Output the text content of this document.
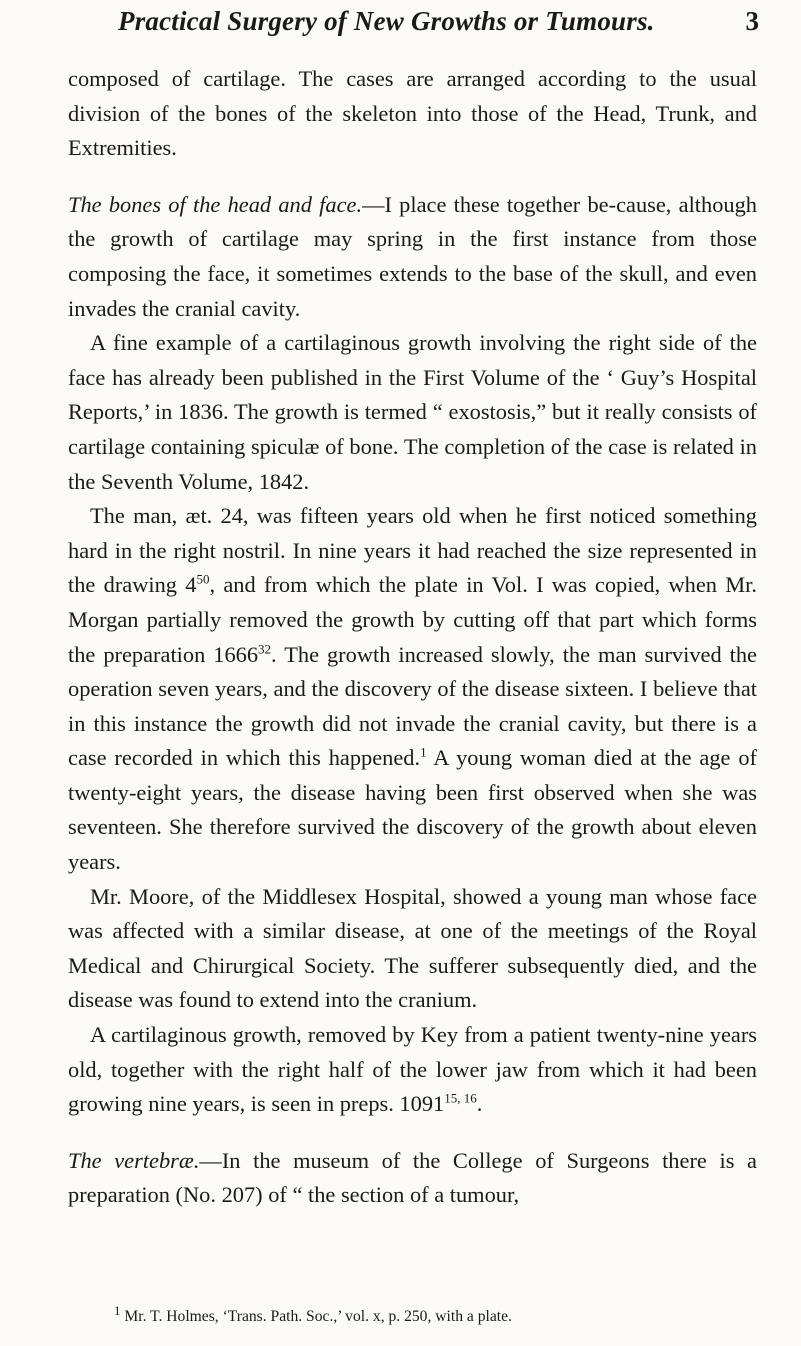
Practical Surgery of New Growths or Tumours.	3

composed of cartilage. The cases are arranged according to the usual division of the bones of the skeleton into those of the Head, Trunk, and Extremities.

The bones of the head and face.—I place these together be-cause, although the growth of cartilage may spring in the first instance from those composing the face, it sometimes extends to the base of the skull, and even invades the cranial cavity.

A fine example of a cartilaginous growth involving the right side of the face has already been published in the First Volume of the ‘ Guy’s Hospital Reports,’ in 1836. The growth is termed “ exostosis,” but it really consists of cartilage containing spiculæ of bone. The completion of the case is related in the Seventh Volume, 1842.

The man, æt. 24, was fifteen years old when he first noticed something hard in the right nostril. In nine years it had reached the size represented in the drawing $4^{50}$, and from which the plate in Vol. I was copied, when Mr. Morgan partially removed the growth by cutting off that part which forms the preparation 1666$^{32}$. The growth increased slowly, the man survived the operation seven years, and the discovery of the disease sixteen. I believe that in this instance the growth did not invade the cranial cavity, but there is a case recorded in which this happened.$^1$ A young woman died at the age of twenty-eight years, the disease having been first observed when she was seventeen. She therefore survived the discovery of the growth about eleven years.

Mr. Moore, of the Middlesex Hospital, showed a young man whose face was affected with a similar disease, at one of the meetings of the Royal Medical and Chirurgical Society. The sufferer subsequently died, and the disease was found to extend into the cranium.

A cartilaginous growth, removed by Key from a patient twenty-nine years old, together with the right half of the lower jaw from which it had been growing nine years, is seen in preps. 1091$^{15, 16}$.

The vertebræ.—In the museum of the College of Surgeons there is a preparation (No. 207) of “ the section of a tumour,

$^1$ Mr. T. Holmes, ‘Trans. Path. Soc.,’ vol. x, p. 250, with a plate.
